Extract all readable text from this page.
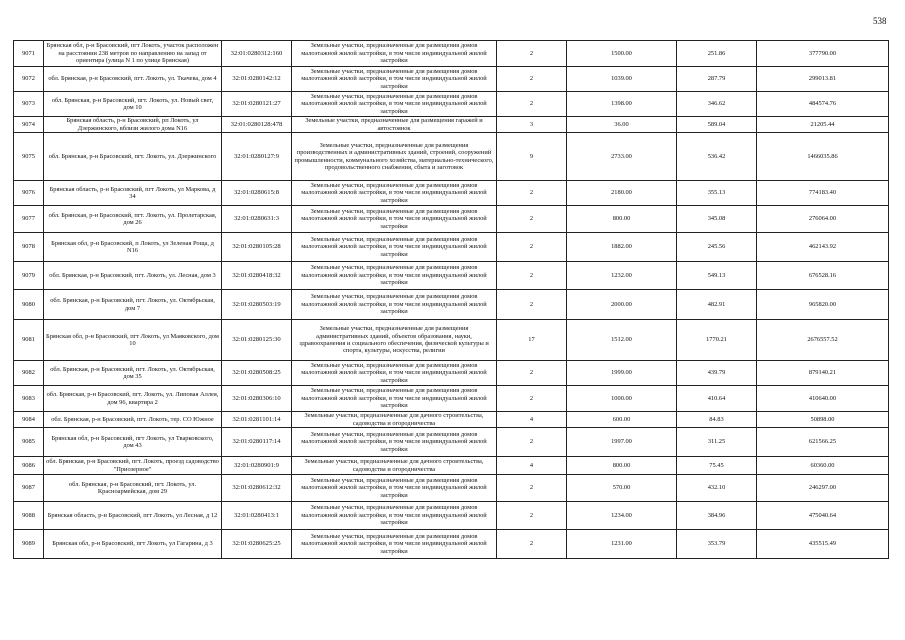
538
9071	Брянская обл, р-н Брасовский, пгт Локоть, участок расположен на расстоянии 238 метров по направлению на запад от ориентира (улица N 1 по улице Брянская)	32:01:0280312:160	Земельные участки, предназначенные для размещения домов малоэтажной жилой застройки, в том числе индивидуальной жилой застройки	2	1500.00	251.86	377790.00
9072	обл. Брянская, р-н Брасовский, пгт. Локоть, ул. Ткачева, дом 4	32:01:0280142:12	Земельные участки, предназначенные для размещения домов малоэтажной жилой застройки, в том числе индивидуальной жилой застройки	2	1039.00	287.79	299013.81
9073	обл. Брянская, р-н Брасовский, пгт. Локоть, ул. Новый свет, дом 10	32:01:0280121:27	Земельные участки, предназначенные для размещения домов малоэтажной жилой застройки, в том числе индивидуальной жилой застройки	2	1398.00	346.62	484574.76
9074	Брянская область, р-н Брасовский, рп Локоть, ул Дзержинского, вблизи жилого дома N16	32:01:0280128:478	Земельные участки, предназначенные для размещения гаражей и автостоянок	3	36.00	589.04	21205.44
9075	обл. Брянская, р-н Брасовский, пгт. Локоть, ул. Дзержинского	32:01:0280127:9	Земельные участки, предназначенные для размещения производственных и административных зданий, строений, сооружений промышленности, коммунального хозяйства, материально-технического, продовольственного снабжения, сбыта и заготовок	9	2733.00	536.42	1466035.86
9076	Брянская область, р-н Брасовский, пгт Локоть, ул Маркова, д 34	32:01:0280615:8	Земельные участки, предназначенные для размещения домов малоэтажной жилой застройки, в том числе индивидуальной жилой застройки	2	2180.00	355.13	774183.40
9077	обл. Брянская, р-н Брасовский, пгт. Локоть, ул. Пролетарская, дом 26	32:01:0280631:3	Земельные участки, предназначенные для размещения домов малоэтажной жилой застройки, в том числе индивидуальной жилой застройки	2	800.00	345.08	276064.00
9078	Брянская обл, р-н Брасовский, п Локоть, ул Зеленая Роща, д N16	32:01:0280105:28	Земельные участки, предназначенные для размещения домов малоэтажной жилой застройки, в том числе индивидуальной жилой застройки	2	1882.00	245.56	462143.92
9079	обл. Брянская, р-н Брасовский, пгт. Локоть, ул. Лесная, дом 3	32:01:0280418:32	Земельные участки, предназначенные для размещения домов малоэтажной жилой застройки, в том числе индивидуальной жилой застройки	2	1232.00	549.13	676528.16
9080	обл. Брянская, р-н Брасовский, пгт. Локоть, ул. Октябрьская, дом 7	32:01:0280503:19	Земельные участки, предназначенные для размещения домов малоэтажной жилой застройки, в том числе индивидуальной жилой застройки	2	2000.00	482.91	965820.00
9081	Брянская обл, р-н Брасовский, пгт Локоть, ул Маяковского, дом 10	32:01:0280125:30	Земельные участки, предназначенные для размещения административных зданий, объектов образования, науки, здравоохранения и социального обеспечения, физической культуры и спорта, культуры, искусства, религии	17	1512.00	1770.21	2676557.52
9082	обл. Брянская, р-н Брасовский, пгт. Локоть, ул. Октябрьская, дом 35	32:01:0280508:25	Земельные участки, предназначенные для размещения домов малоэтажной жилой застройки, в том числе индивидуальной жилой застройки	2	1999.00	439.79	879140.21
9083	обл. Брянская, р-н Брасовский, пгт. Локоть, ул. Липовая Аллея, дом 96, квартира 2	32:01:0280306:10	Земельные участки, предназначенные для размещения домов малоэтажной жилой застройки, в том числе индивидуальной жилой застройки	2	1000.00	410.64	410640.00
9084	обл. Брянская, р-н Брасовский, пгт. Локоть, тер. СО Южное	32:01:0281101:14	Земельные участки, предназначенные для дачного строительства, садоводства и огородничества	4	600.00	84.83	50898.00
9085	Брянская обл, р-н Брасовский, пгт Локоть, ул Тварковского, дом 43	32:01:0280117:14	Земельные участки, предназначенные для размещения домов малоэтажной жилой застройки, в том числе индивидуальной жилой застройки	2	1997.00	311.25	621566.25
9086	обл. Брянская, р-н Брасовский, пгт. Локоть, проезд садоводство "Приозерное"	32:01:0280901:9	Земельные участки, предназначенные для дачного строительства, садоводства и огородничества	4	800.00	75.45	60360.00
9087	обл. Брянская, р-н Брасовский, пгт. Локоть, ул. Красноармейская, дом 29	32:01:0280612:32	Земельные участки, предназначенные для размещения домов малоэтажной жилой застройки, в том числе индивидуальной жилой застройки	2	570.00	432.10	246297.00
9088	Брянская область, р-н Брасовский, пгт Локоть, ул Лесная, д 12	32:01:0280413:1	Земельные участки, предназначенные для размещения домов малоэтажной жилой застройки, в том числе индивидуальной жилой застройки	2	1234.00	384.96	475040.64
9089	Брянская обл, р-н Брасовский, пгт Локоть, ул Гагарина, д 3	32:01:0280625:25	Земельные участки, предназначенные для размещения домов малоэтажной жилой застройки, в том числе индивидуальной жилой застройки	2	1231.00	353.79	435515.49
